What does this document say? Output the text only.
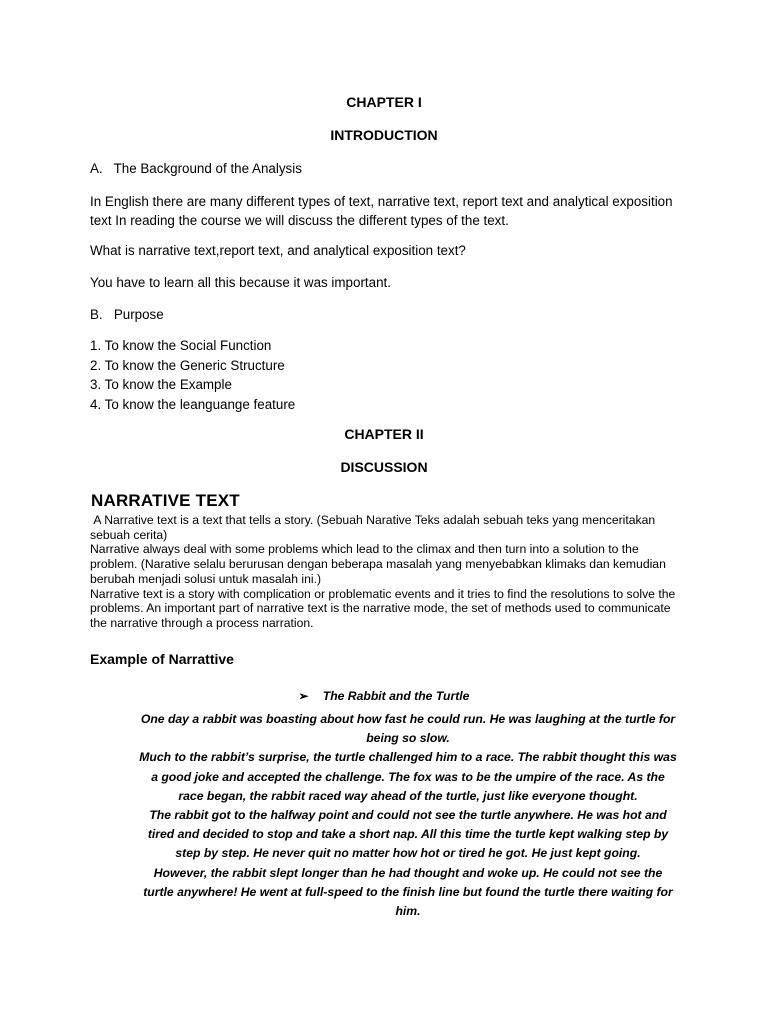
CHAPTER I
INTRODUCTION
A.   The Background of the Analysis
In English there are many different types of text, narrative text, report text and analytical exposition text In reading the course we will discuss the different types of the text.
What is narrative text,report text, and analytical exposition text?
You have to learn all this because it was important.
B.   Purpose
1. To know the Social Function
2. To know the Generic Structure
3. To know the Example
4. To know the leanguange feature
CHAPTER II
DISCUSSION
NARRATIVE TEXT

A Narrative text is a text that tells a story. (Sebuah Narative Teks adalah sebuah teks yang menceritakan sebuah cerita)

Narrative always deal with some problems which lead to the climax and then turn into a solution to the problem. (Narative selalu berurusan dengan beberapa masalah yang menyebabkan klimaks dan kemudian berubah menjadi solusi untuk masalah ini.)

Narrative text is a story with complication or problematic events and it tries to find the resolutions to solve the problems. An important part of narrative text is the narrative mode, the set of methods used to communicate the narrative through a process narration.

Example of Narrattive
➢ The Rabbit and the Turtle

One day a rabbit was boasting about how fast he could run. He was laughing at the turtle for being so slow.

Much to the rabbit’s surprise, the turtle challenged him to a race. The rabbit thought this was a good joke and accepted the challenge. The fox was to be the umpire of the race. As the race began, the rabbit raced way ahead of the turtle, just like everyone thought.

The rabbit got to the halfway point and could not see the turtle anywhere. He was hot and tired and decided to stop and take a short nap. All this time the turtle kept walking step by step by step. He never quit no matter how hot or tired he got. He just kept going.

However, the rabbit slept longer than he had thought and woke up. He could not see the turtle anywhere! He went at full-speed to the finish line but found the turtle there waiting for him.
